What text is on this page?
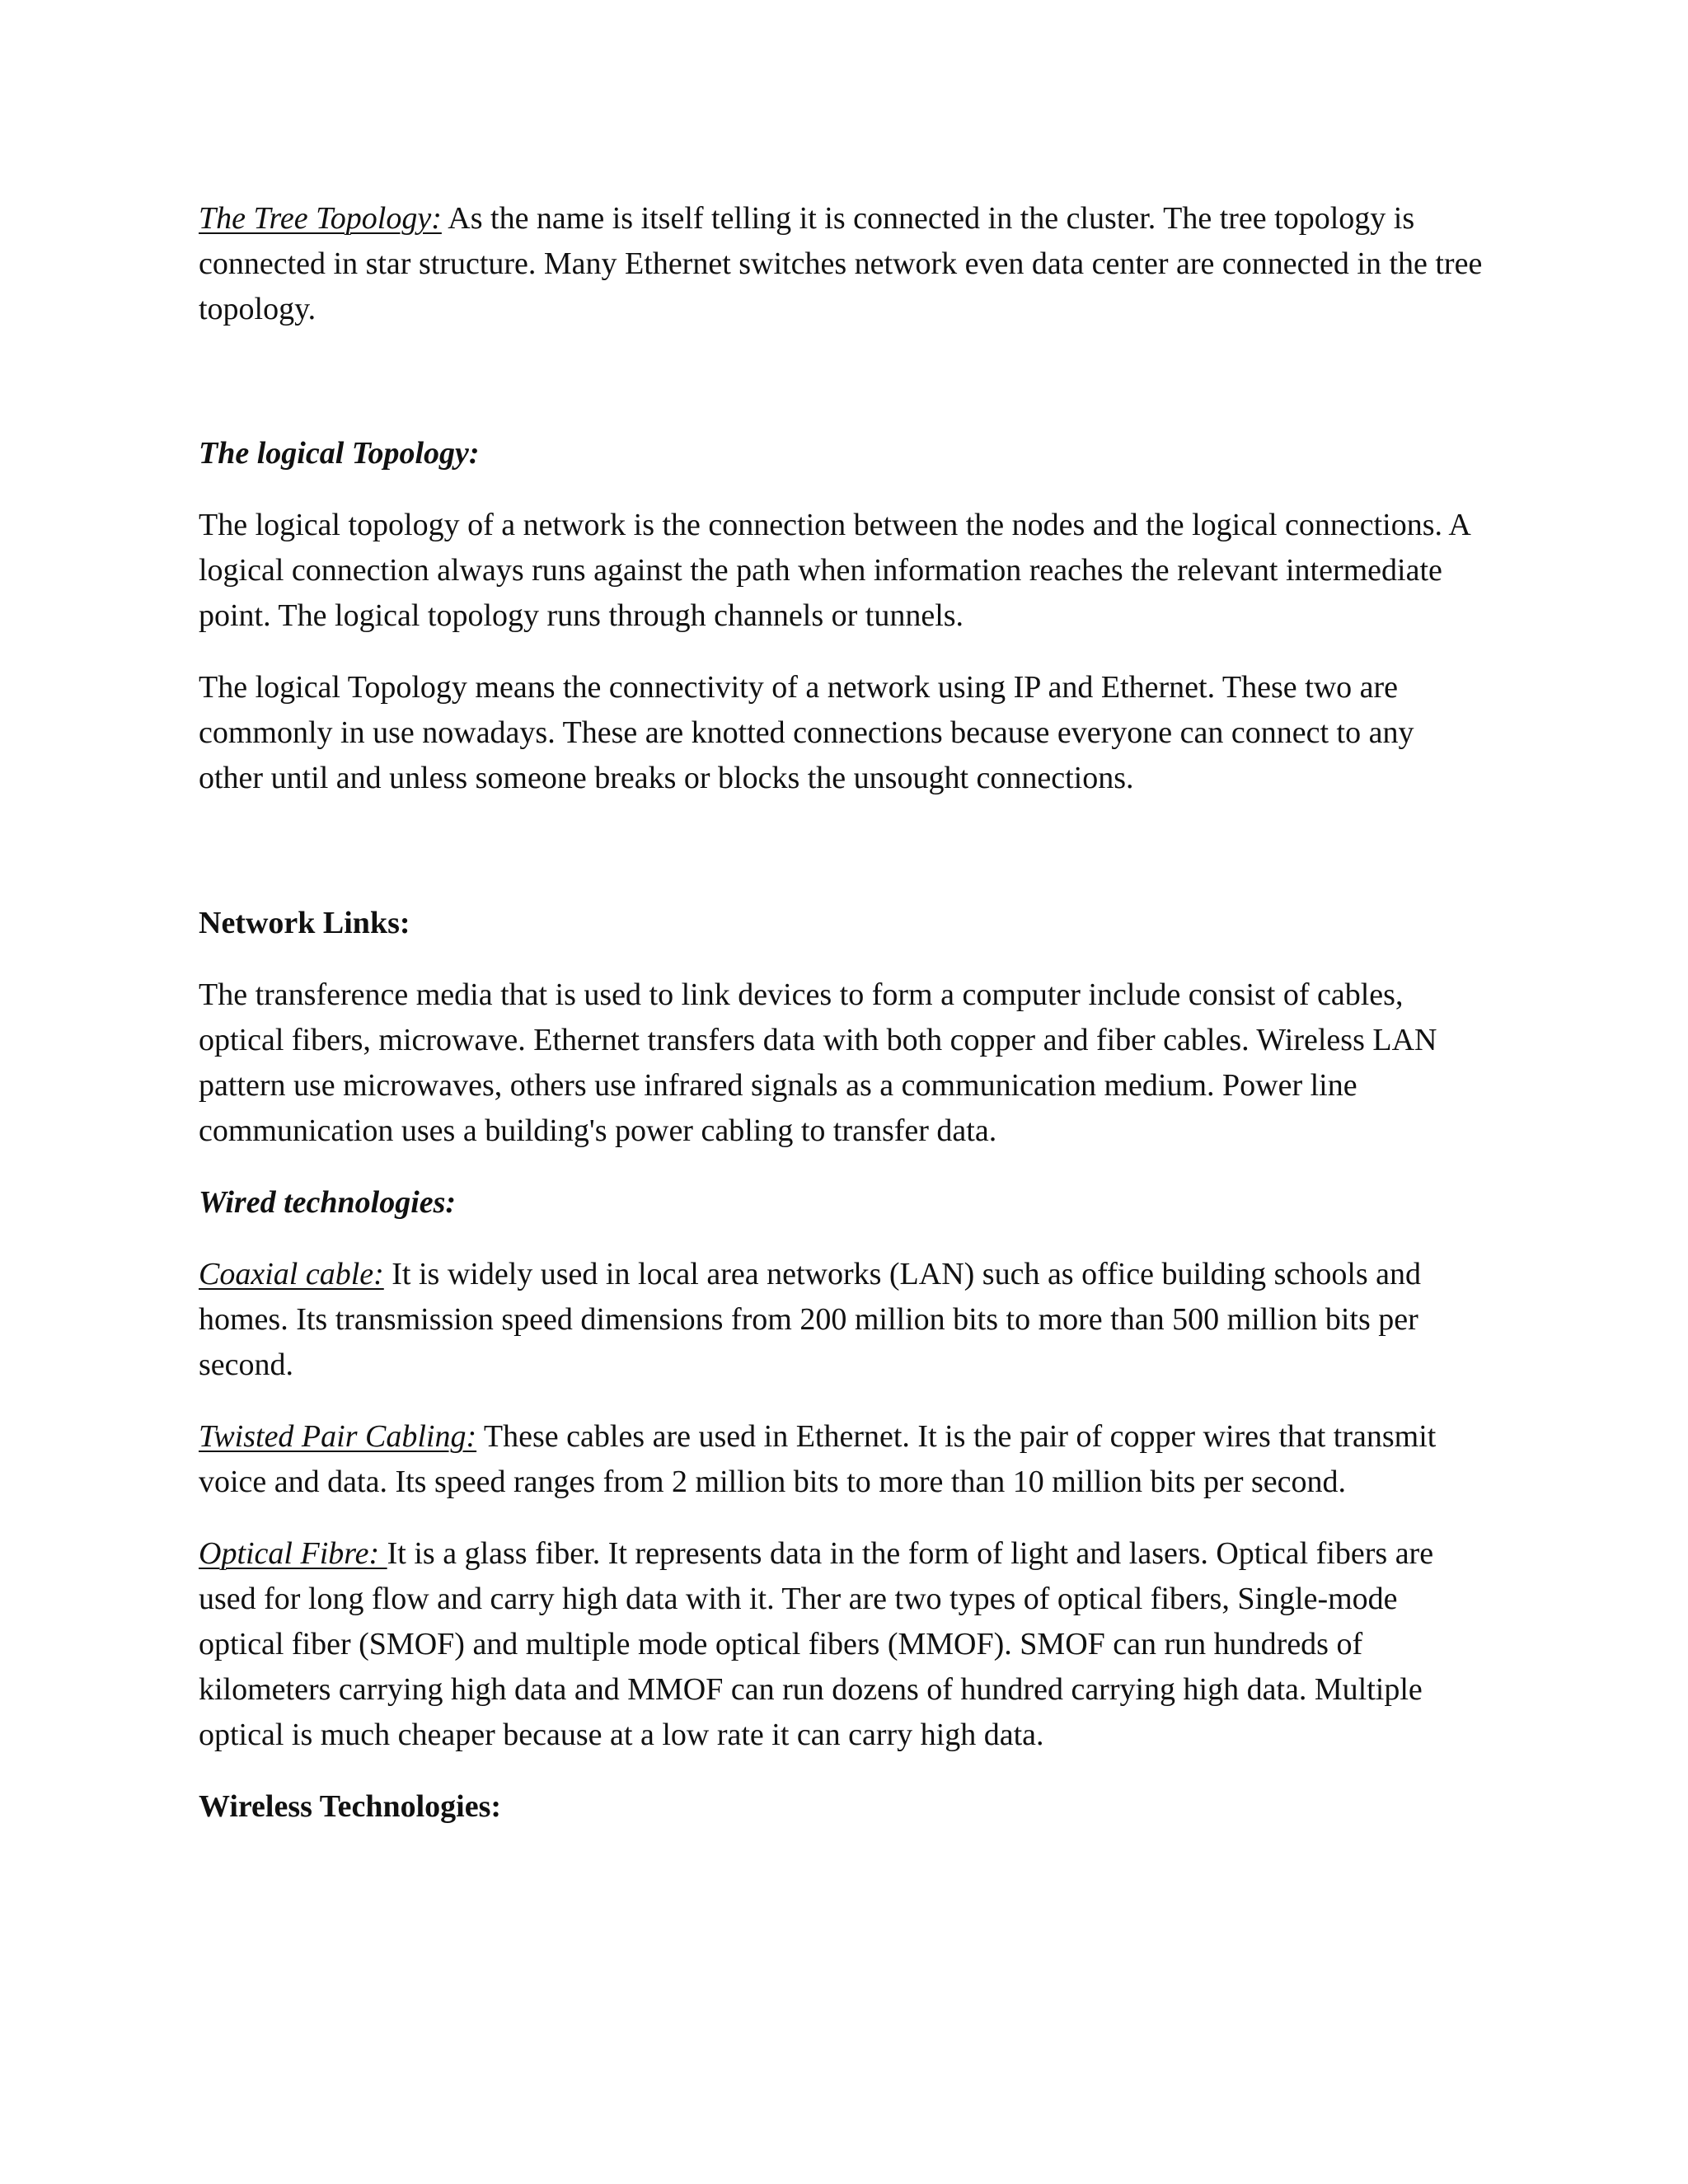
The Tree Topology: As the name is itself telling it is connected in the cluster. The tree topology is connected in star structure. Many Ethernet switches network even data center are connected in the tree topology.

The logical Topology:

The logical topology of a network is the connection between the nodes and the logical connections. A logical connection always runs against the path when information reaches the relevant intermediate point. The logical topology runs through channels or tunnels.

The logical Topology means the connectivity of a network using IP and Ethernet. These two are commonly in use nowadays. These are knotted connections because everyone can connect to any other until and unless someone breaks or blocks the unsought connections.

Network Links:

The transference media that is used to link devices to form a computer include consist of cables, optical fibers, microwave. Ethernet transfers data with both copper and fiber cables. Wireless LAN pattern use microwaves, others use infrared signals as a communication medium. Power line communication uses a building's power cabling to transfer data.

Wired technologies:

Coaxial cable: It is widely used in local area networks (LAN) such as office building schools and homes. Its transmission speed dimensions from 200 million bits to more than 500 million bits per second.

Twisted Pair Cabling: These cables are used in Ethernet. It is the pair of copper wires that transmit voice and data. Its speed ranges from 2 million bits to more than 10 million bits per second.

Optical Fibre: It is a glass fiber. It represents data in the form of light and lasers. Optical fibers are used for long flow and carry high data with it. Ther are two types of optical fibers, Single-mode optical fiber (SMOF) and multiple mode optical fibers (MMOF). SMOF can run hundreds of kilometers carrying high data and MMOF can run dozens of hundred carrying high data. Multiple optical is much cheaper because at a low rate it can carry high data.

Wireless Technologies:
